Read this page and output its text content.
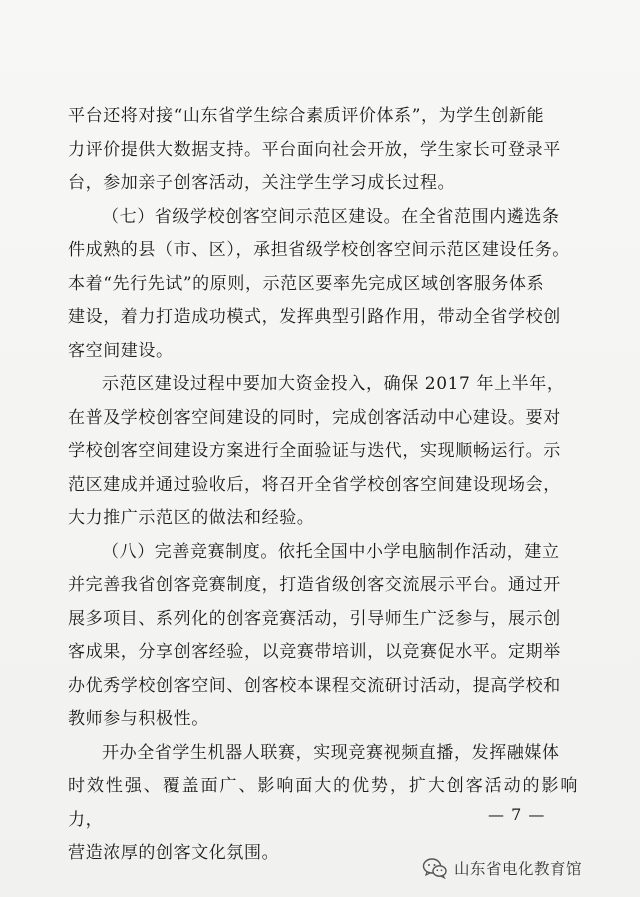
平台还将对接“山东省学生综合素质评价体系”，为学生创新能

力评价提供大数据支持。平台面向社会开放，学生家长可登录平

台，参加亲子创客活动，关注学生学习成长过程。

（七）省级学校创客空间示范区建设。在全省范围内遴选条

件成熟的县（市、区），承担省级学校创客空间示范区建设任务。

本着“先行先试”的原则，示范区要率先完成区域创客服务体系

建设，着力打造成功模式，发挥典型引路作用，带动全省学校创

客空间建设。

示范区建设过程中要加大资金投入，确保 2017 年上半年，

在普及学校创客空间建设的同时，完成创客活动中心建设。要对

学校创客空间建设方案进行全面验证与迭代，实现顺畅运行。示

范区建成并通过验收后，将召开全省学校创客空间建设现场会，

大力推广示范区的做法和经验。

（八）完善竞赛制度。依托全国中小学电脑制作活动，建立

并完善我省创客竞赛制度，打造省级创客交流展示平台。通过开

展多项目、系列化的创客竞赛活动，引导师生广泛参与，展示创

客成果，分享创客经验，以竞赛带培训，以竞赛促水平。定期举

办优秀学校创客空间、创客校本课程交流研讨活动，提高学校和

教师参与积极性。

开办全省学生机器人联赛，实现竞赛视频直播，发挥融媒体

时效性强、覆盖面广、影响面大的优势，扩大创客活动的影响力，

营造浓厚的创客文化氛围。

— 7 —
山东省电化教育馆
